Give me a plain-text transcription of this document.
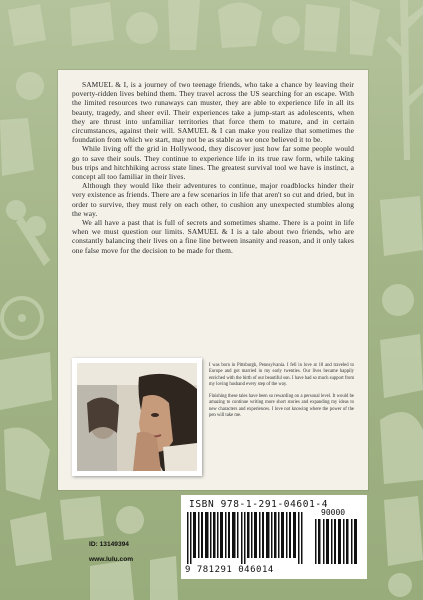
SAMUEL & I, is a journey of two teenage friends, who take a chance by leaving their poverty-ridden lives behind them. They travel across the US searching for an escape. With the limited resources two runaways can muster, they are able to experience life in all its beauty, tragedy, and sheer evil. Their experiences take a jump-start as adolescents, when they are thrust into unfamiliar territories that force them to mature, and in certain circumstances, against their will. SAMUEL & I can make you realize that sometimes the foundation from which we start, may not be as stable as we once believed it to be.

While living off the grid in Hollywood, they discover just how far some people would go to save their souls. They continue to experience life in its true raw form, while taking bus trips and hitchhiking across state lines. The greatest survival tool we have is instinct, a concept all too familiar in their lives.

Although they would like their adventures to continue, major roadblocks hinder their very existence as friends. There are a few scenarios in life that aren't so cut and dried, but in order to survive, they must rely on each other, to cushion any unexpected stumbles along the way.

We all have a past that is full of secrets and sometimes shame. There is a point in life when we must question our limits. SAMUEL & I is a tale about two friends, who are constantly balancing their lives on a fine line between insanity and reason, and it only takes one false move for the decision to be made for them.

I was born in Pittsburgh, Pennsylvania. I fell in love at 18 and traveled to Europe and got married in my early twenties. Our lives became happily enriched with the birth of our beautiful son. I have had so much support from my loving husband every step of the way.

Finishing these tales have been so rewarding on a personal level. It would be amazing to continue writing more short stories and expanding my ideas to new characters and experiences. I love not knowing where the power of the pen will take me.

ISBN 978-1-291-04601-4
90000
9 781291 046014
ID: 13149394
www.lulu.com
